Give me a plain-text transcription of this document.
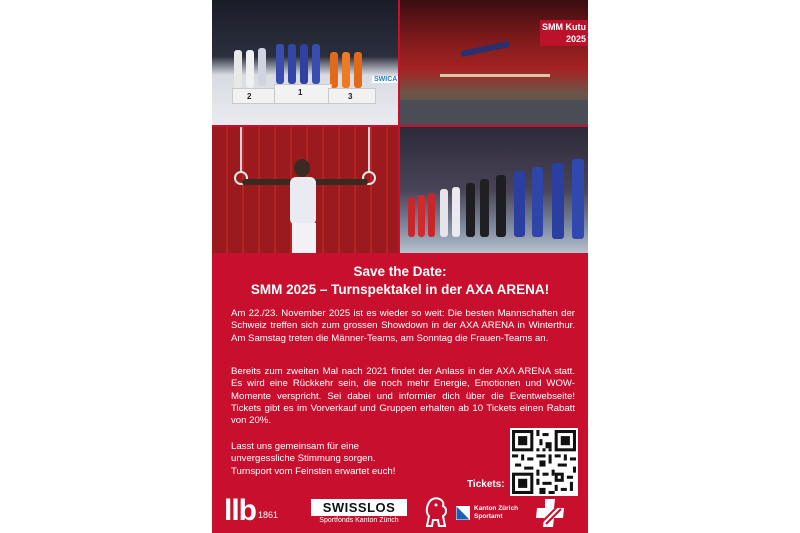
2	1	3
SWICA
SMM Kutu
2025
Save the Date:
SMM 2025 – Turnspektakel in der AXA ARENA!
Am 22./23. November 2025 ist es wieder so weit: Die besten Mannschaften der Schweiz treffen sich zum grossen Showdown in der AXA ARENA in Winterthur. Am Samstag treten die Männer-Teams, am Sonntag die Frauen-Teams an.
Bereits zum zweiten Mal nach 2021 findet der Anlass in der AXA ARENA statt. Es wird eine Rückkehr sein, die noch mehr Energie, Emotionen und WOW-Momente verspricht. Sei dabei und informier dich über die Eventwebseite! Tickets gibt es im Vorverkauf und Gruppen erhalten ab 10 Tickets einen Rabatt von 20%.
Lasst uns gemeinsam für eine
unvergessliche Stimmung sorgen.
Turnsport vom Feinsten erwartet euch!
Tickets:
llb $^{1861}$	SWISSLOS
Sportfonds Kanton Zürich
Kanton Zürich
Sportamt
